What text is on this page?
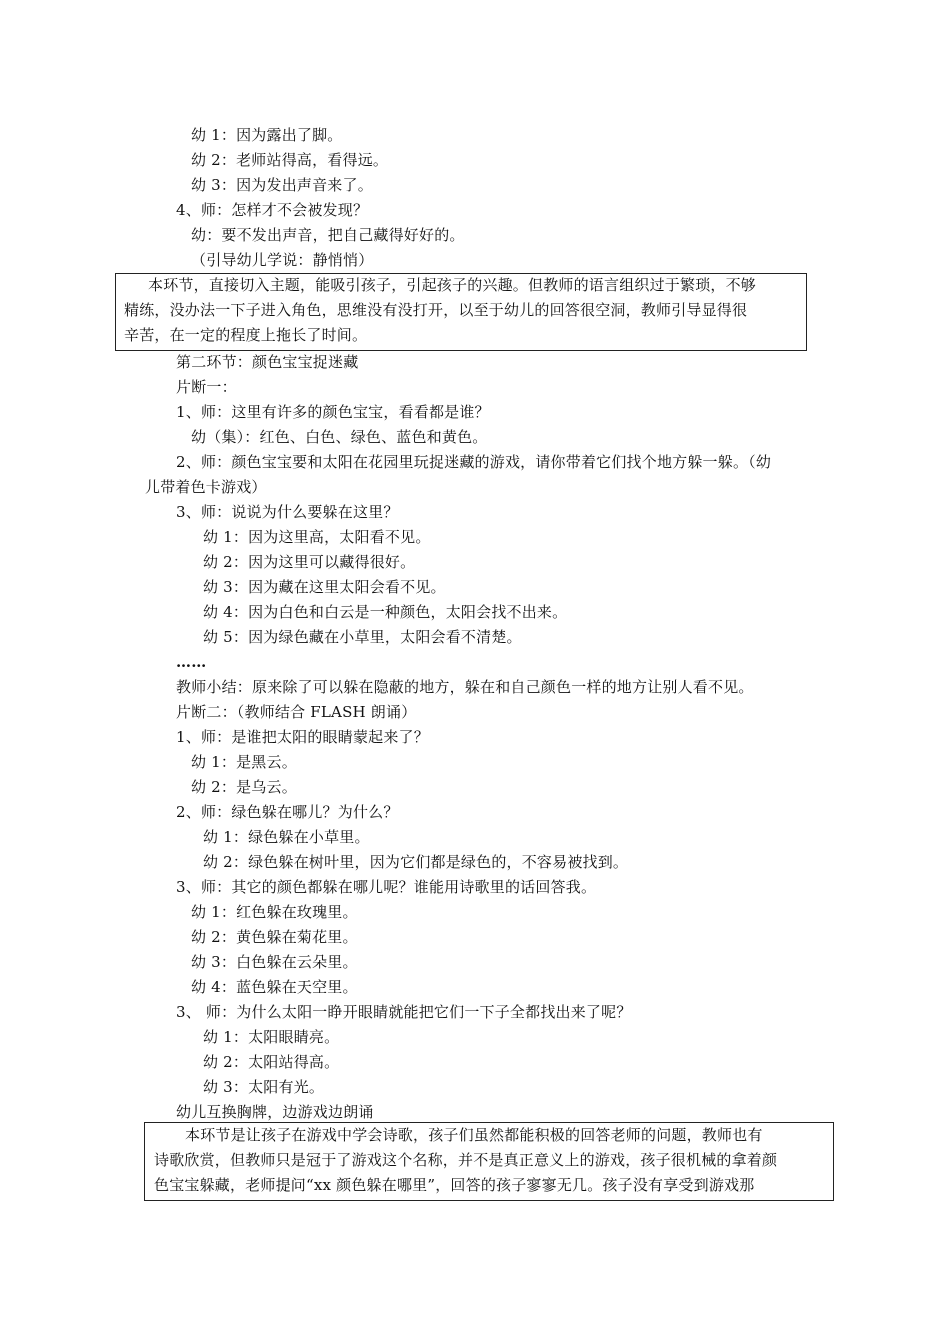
幼 1：因为露出了脚。
幼 2：老师站得高，看得远。
幼 3：因为发出声音来了。
4、师：怎样才不会被发现？
幼：要不发出声音，把自己藏得好好的。
（引导幼儿学说：静悄悄）
本环节，直接切入主题，能吸引孩子，引起孩子的兴趣。但教师的语言组织过于繁琐，不够
精练，没办法一下子进入角色，思维没有没打开，以至于幼儿的回答很空洞，教师引导显得很
辛苦，在一定的程度上拖长了时间。
第二环节：颜色宝宝捉迷藏
片断一：
1、师：这里有许多的颜色宝宝，看看都是谁？
幼（集）：红色、白色、绿色、蓝色和黄色。
2、师：颜色宝宝要和太阳在花园里玩捉迷藏的游戏，请你带着它们找个地方躲一躲。（幼
儿带着色卡游戏）
3、师：说说为什么要躲在这里？
幼 1：因为这里高，太阳看不见。
幼 2：因为这里可以藏得很好。
幼 3：因为藏在这里太阳会看不见。
幼 4：因为白色和白云是一种颜色，太阳会找不出来。
幼 5：因为绿色藏在小草里，太阳会看不清楚。
……
教师小结：原来除了可以躲在隐蔽的地方，躲在和自己颜色一样的地方让别人看不见。
片断二：（教师结合 FLASH 朗诵）
1、师：是谁把太阳的眼睛蒙起来了？
幼 1：是黑云。
幼 2：是乌云。
2、师：绿色躲在哪儿？为什么？
幼 1：绿色躲在小草里。
幼 2：绿色躲在树叶里，因为它们都是绿色的，不容易被找到。
3、师：其它的颜色都躲在哪儿呢？谁能用诗歌里的话回答我。
幼 1：红色躲在玫瑰里。
幼 2：黄色躲在菊花里。
幼 3：白色躲在云朵里。
幼 4：蓝色躲在天空里。
3、 师：为什么太阳一睁开眼睛就能把它们一下子全都找出来了呢？
幼 1：太阳眼睛亮。
幼 2：太阳站得高。
幼 3：太阳有光。
幼儿互换胸牌，边游戏边朗诵
本环节是让孩子在游戏中学会诗歌，孩子们虽然都能积极的回答老师的问题，教师也有
诗歌欣赏，但教师只是冠于了游戏这个名称，并不是真正意义上的游戏，孩子很机械的拿着颜
色宝宝躲藏，老师提问“xx 颜色躲在哪里”，回答的孩子寥寥无几。孩子没有享受到游戏那
